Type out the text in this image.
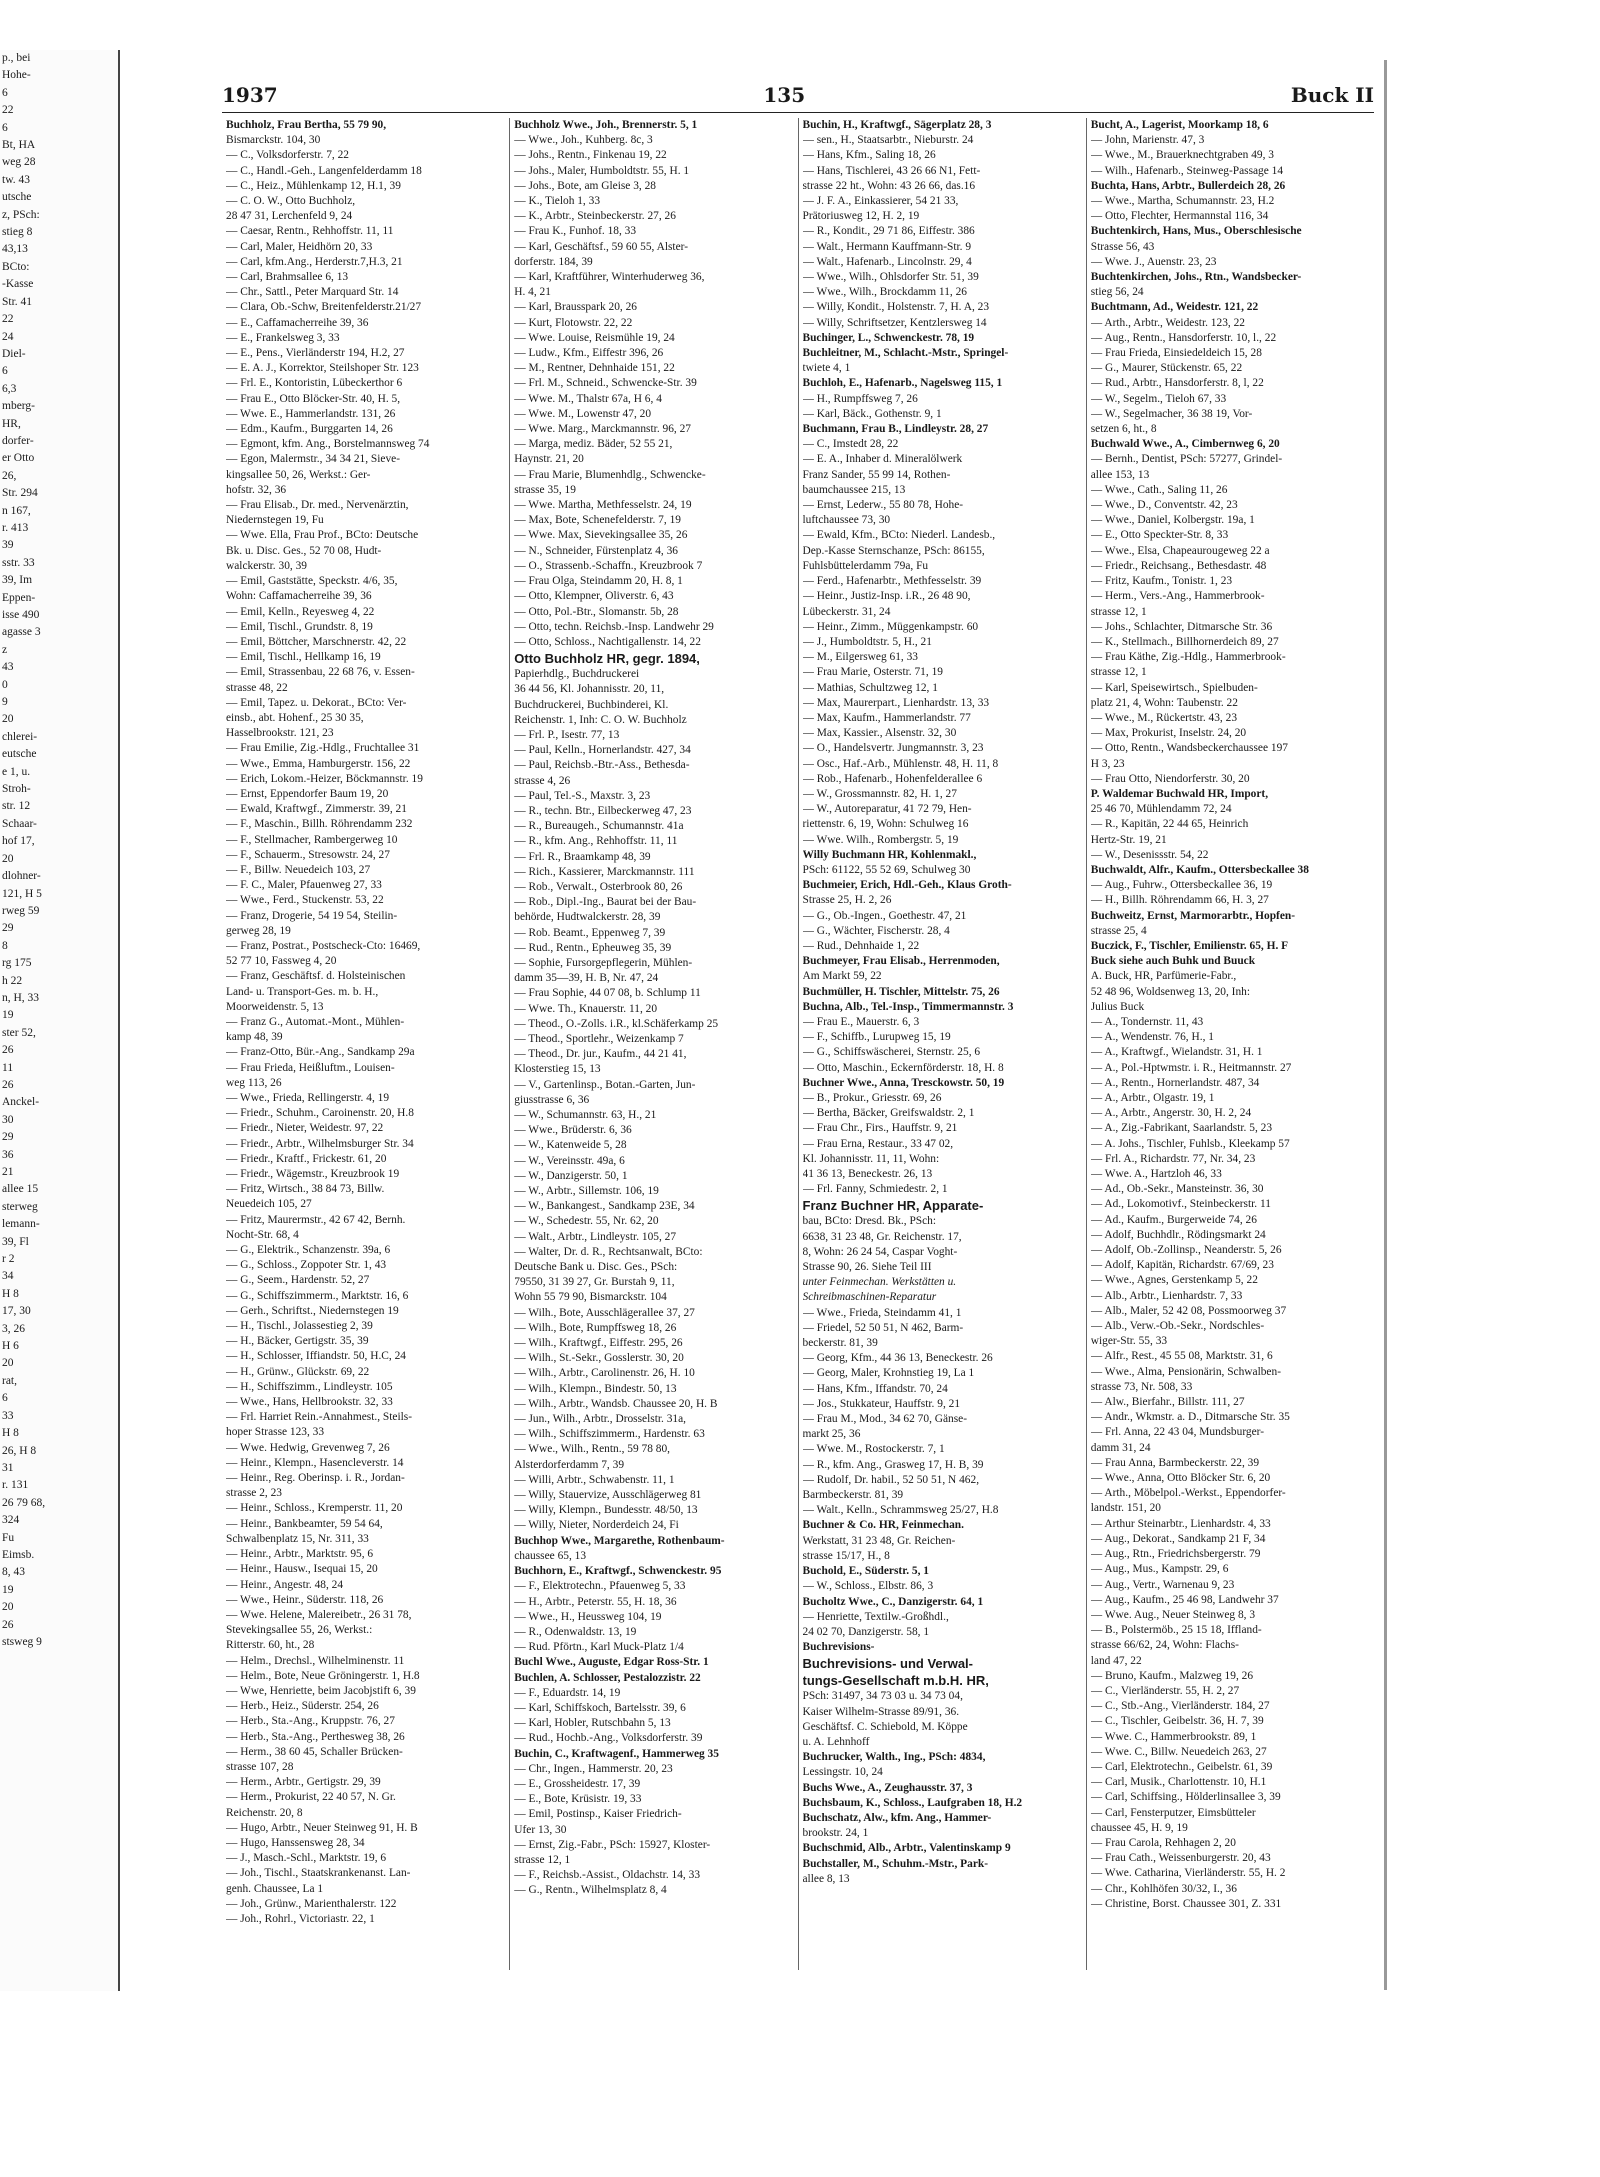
p., bei
Hohe-
6
22
6
Bt, HA
weg 28
tw. 43
utsche
z, PSch:
stieg 8
43,13
BCto:
-Kasse
Str. 41
22
24
Diel-
6
6,3
mberg-
HR,
dorfer-
er Otto
26,
Str. 294
n 167,
r. 413
39
sstr. 33
39, Im
Eppen-
isse 490
agasse 3
z
43
0
9
20
chlerei-
eutsche
e 1, u.
Stroh-
str. 12
Schaar-
hof 17,
20
dlohner-
121, H 5
rweg 59
29
8
rg 175
h 22
n, H, 33
19
ster 52,
26
11
26
Anckel-
30
29
36
21
allee 15
sterweg
lemann-
39, Fl
r 2
34
H 8
17, 30
3, 26
H 6
20
rat,
6
33
H 8
26, H 8
31
r. 131
26 79 68,
324
Fu
Eimsb.
8, 43
19
20
26
stsweg 9
1937	135	Buck II

Buchholz, Frau Bertha, 55 79 90,

Bismarckstr. 104, 30

— C., Volksdorferstr. 7, 22

— C., Handl.-Geh., Langenfelderdamm 18

— C., Heiz., Mühlenkamp 12, H.1, 39

— C. O. W., Otto Buchholz,

28 47 31, Lerchenfeld 9, 24

— Caesar, Rentn., Rehhoffstr. 11, 11

— Carl, Maler, Heidhörn 20, 33

— Carl, kfm.Ang., Herderstr.7,H.3, 21

— Carl, Brahmsallee 6, 13

— Chr., Sattl., Peter Marquard Str. 14

— Clara, Ob.-Schw, Breitenfelderstr.21/27

— E., Caffamacherreihe 39, 36

— E., Frankelsweg 3, 33

— E., Pens., Vierländerstr 194, H.2, 27

— E. A. J., Korrektor, Steilshoper Str. 123

— Frl. E., Kontoristin, Lübeckerthor 6

— Frau E., Otto Blöcker-Str. 40, H. 5,

— Wwe. E., Hammerlandstr. 131, 26

— Edm., Kaufm., Burggarten 14, 26

— Egmont, kfm. Ang., Borstelmannsweg 74

— Egon, Malermstr., 34 34 21, Sieve-

kingsallee 50, 26, Werkst.: Ger-

hofstr. 32, 36

— Frau Elisab., Dr. med., Nervenärztin,

Niedernstegen 19, Fu

— Wwe. Ella, Frau Prof., BCto: Deutsche

Bk. u. Disc. Ges., 52 70 08, Hudt-

walckerstr. 30, 39

— Emil, Gaststätte, Speckstr. 4/6, 35,

Wohn: Caffamacherreihe 39, 36

— Emil, Kelln., Reyesweg 4, 22

— Emil, Tischl., Grundstr. 8, 19

— Emil, Böttcher, Marschnerstr. 42, 22

— Emil, Tischl., Hellkamp 16, 19

— Emil, Strassenbau, 22 68 76, v. Essen-

strasse 48, 22

— Emil, Tapez. u. Dekorat., BCto: Ver-

einsb., abt. Hohenf., 25 30 35,

Hasselbrookstr. 121, 23

— Frau Emilie, Zig.-Hdlg., Fruchtallee 31

— Wwe., Emma, Hamburgerstr. 156, 22

— Erich, Lokom.-Heizer, Böckmannstr. 19

— Ernst, Eppendorfer Baum 19, 20

— Ewald, Kraftwgf., Zimmerstr. 39, 21

— F., Maschin., Billh. Röhrendamm 232

— F., Stellmacher, Rambergerweg 10

— F., Schauerm., Stresowstr. 24, 27

— F., Billw. Neuedeich 103, 27

— F. C., Maler, Pfauenweg 27, 33

— Wwe., Ferd., Stuckenstr. 53, 22

— Franz, Drogerie, 54 19 54, Steilin-

gerweg 28, 19

— Franz, Postrat., Postscheck-Cto: 16469,

52 77 10, Fassweg 4, 20

— Franz, Geschäftsf. d. Holsteinischen

Land- u. Transport-Ges. m. b. H.,

Moorweidenstr. 5, 13

— Franz G., Automat.-Mont., Mühlen-

kamp 48, 39

— Franz-Otto, Bür.-Ang., Sandkamp 29a

— Frau Frieda, Heißluftm., Louisen-

weg 113, 26

— Wwe., Frieda, Rellingerstr. 4, 19

— Friedr., Schuhm., Caroinenstr. 20, H.8

— Friedr., Nieter, Weidestr. 97, 22

— Friedr., Arbtr., Wilhelmsburger Str. 34

— Friedr., Kraftf., Frickestr. 61, 20

— Friedr., Wägemstr., Kreuzbrook 19

— Fritz, Wirtsch., 38 84 73, Billw.

Neuedeich 105, 27

— Fritz, Maurermstr., 42 67 42, Bernh.

Nocht-Str. 68, 4

— G., Elektrik., Schanzenstr. 39a, 6

— G., Schloss., Zoppoter Str. 1, 43

— G., Seem., Hardenstr. 52, 27

— G., Schiffszimmerm., Marktstr. 16, 6

— Gerh., Schriftst., Niedernstegen 19

— H., Tischl., Jolassestieg 2, 39

— H., Bäcker, Gertigstr. 35, 39

— H., Schlosser, Iffiandstr. 50, H.C, 24

— H., Grünw., Glückstr. 69, 22

— H., Schiffszimm., Lindleystr. 105

— Wwe., Hans, Hellbrookstr. 32, 33

— Frl. Harriet Rein.-Annahmest., Steils-

hoper Strasse 123, 33

— Wwe. Hedwig, Grevenweg 7, 26

— Heinr., Klempn., Hasencleverstr. 14

— Heinr., Reg. Oberinsp. i. R., Jordan-

strasse 2, 23

— Heinr., Schloss., Kremperstr. 11, 20

— Heinr., Bankbeamter, 59 54 64,

Schwalbenplatz 15, Nr. 311, 33

— Heinr., Arbtr., Marktstr. 95, 6

— Heinr., Hausw., Isequai 15, 20

— Heinr., Angestr. 48, 24

— Wwe., Heinr., Süderstr. 118, 26

— Wwe. Helene, Malereibetr., 26 31 78,

Stevekingsallee 55, 26, Werkst.:

Ritterstr. 60, ht., 28

— Helm., Drechsl., Wilhelminenstr. 11

— Helm., Bote, Neue Gröningerstr. 1, H.8

— Wwe, Henriette, beim Jacobjstift 6, 39

— Herb., Heiz., Süderstr. 254, 26

— Herb., Sta.-Ang., Kruppstr. 76, 27

— Herb., Sta.-Ang., Perthesweg 38, 26

— Herm., 38 60 45, Schaller Brücken-

strasse 107, 28

— Herm., Arbtr., Gertigstr. 29, 39

— Herm., Prokurist, 22 40 57, N. Gr.

Reichenstr. 20, 8

— Hugo, Arbtr., Neuer Steinweg 91, H. B

— Hugo, Hanssensweg 28, 34

— J., Masch.-Schl., Marktstr. 19, 6

— Joh., Tischl., Staatskrankenanst. Lan-

genh. Chaussee, La 1

— Joh., Grünw., Marienthalerstr. 122

— Joh., Rohrl., Victoriastr. 22, 1

Buchholz Wwe., Joh., Brennerstr. 5, 1

— Wwe., Joh., Kuhberg. 8c, 3

— Johs., Rentn., Finkenau 19, 22

— Johs., Maler, Humboldtstr. 55, H. 1

— Johs., Bote, am Gleise 3, 28

— K., Tieloh 1, 33

— K., Arbtr., Steinbeckerstr. 27, 26

— Frau K., Funhof. 18, 33

— Karl, Geschäftsf., 59 60 55, Alster-

dorferstr. 184, 39

— Karl, Kraftführer, Winterhuderweg 36,

H. 4, 21

— Karl, Brausspark 20, 26

— Kurt, Flotowstr. 22, 22

— Wwe. Louise, Reismühle 19, 24

— Ludw., Kfm., Eiffestr 396, 26

— M., Rentner, Dehnhaide 151, 22

— Frl. M., Schneid., Schwencke-Str. 39

— Wwe. M., Thalstr 67a, H 6, 4

— Wwe. M., Lowenstr 47, 20

— Wwe. Marg., Marckmannstr. 96, 27

— Marga, mediz. Bäder, 52 55 21,

Haynstr. 21, 20

— Frau Marie, Blumenhdlg., Schwencke-

strasse 35, 19

— Wwe. Martha, Methfesselstr. 24, 19

— Max, Bote, Schenefelderstr. 7, 19

— Wwe. Max, Sievekingsallee 35, 26

— N., Schneider, Fürstenplatz 4, 36

— O., Strassenb.-Schaffn., Kreuzbrook 7

— Frau Olga, Steindamm 20, H. 8, 1

— Otto, Klempner, Oliverstr. 6, 43

— Otto, Pol.-Btr., Slomanstr. 5b, 28

— Otto, techn. Reichsb.-Insp. Landwehr 29

— Otto, Schloss., Nachtigallenstr. 14, 22

Otto Buchholz HR, gegr. 1894,

Papierhdlg., Buchdruckerei

36 44 56, Kl. Johannisstr. 20, 11,

Buchdruckerei, Buchbinderei, Kl.

Reichenstr. 1, Inh: C. O. W. Buchholz

— Frl. P., Isestr. 77, 13

— Paul, Kelln., Hornerlandstr. 427, 34

— Paul, Reichsb.-Btr.-Ass., Bethesda-

strasse 4, 26

— Paul, Tel.-S., Maxstr. 3, 23

— R., techn. Btr., Eilbeckerweg 47, 23

— R., Bureaugeh., Schumannstr. 41a

— R., kfm. Ang., Rehhoffstr. 11, 11

— Frl. R., Braamkamp 48, 39

— Rich., Kassierer, Marckmannstr. 111

— Rob., Verwalt., Osterbrook 80, 26

— Rob., Dipl.-Ing., Baurat bei der Bau-

behörde, Hudtwalckerstr. 28, 39

— Rob. Beamt., Eppenweg 7, 39

— Rud., Rentn., Epheuweg 35, 39

— Sophie, Fursorgepflegerin, Mühlen-

damm 35—39, H. B, Nr. 47, 24

— Frau Sophie, 44 07 08, b. Schlump 11

— Wwe. Th., Knauerstr. 11, 20

— Theod., O.-Zolls. i.R., kl.Schäferkamp 25

— Theod., Sportlehr., Weizenkamp 7

— Theod., Dr. jur., Kaufm., 44 21 41,

Klosterstieg 15, 13

— V., Gartenlinsp., Botan.-Garten, Jun-

giusstrasse 6, 36

— W., Schumannstr. 63, H., 21

— Wwe., Brüderstr. 6, 36

— W., Katenweide 5, 28

— W., Vereinsstr. 49a, 6

— W., Danzigerstr. 50, 1

— W., Arbtr., Sillemstr. 106, 19

— W., Bankangest., Sandkamp 23E, 34

— W., Schedestr. 55, Nr. 62, 20

— Walt., Arbtr., Lindleystr. 105, 27

— Walter, Dr. d. R., Rechtsanwalt, BCto:

Deutsche Bank u. Disc. Ges., PSch:

79550, 31 39 27, Gr. Burstah 9, 11,

Wohn 55 79 90, Bismarckstr. 104

— Wilh., Bote, Ausschlägerallee 37, 27

— Wilh., Bote, Rumpffsweg 18, 26

— Wilh., Kraftwgf., Eiffestr. 295, 26

— Wilh., St.-Sekr., Gosslerstr. 30, 20

— Wilh., Arbtr., Carolinenstr. 26, H. 10

— Wilh., Klempn., Bindestr. 50, 13

— Wilh., Arbtr., Wandsb. Chaussee 20, H. B

— Jun., Wilh., Arbtr., Drosselstr. 31a,

— Wilh., Schiffszimmerm., Hardenstr. 63

— Wwe., Wilh., Rentn., 59 78 80,

Alsterdorferdamm 7, 39

— Willi, Arbtr., Schwabenstr. 11, 1

— Willy, Stauervize, Ausschlägerweg 81

— Willy, Klempn., Bundesstr. 48/50, 13

— Willy, Nieter, Norderdeich 24, Fi

Buchhop Wwe., Margarethe, Rothenbaum-

chaussee 65, 13

Buchhorn, E., Kraftwgf., Schwenckestr. 95

— F., Elektrotechn., Pfauenweg 5, 33

— H., Arbtr., Peterstr. 55, H. 18, 36

— Wwe., H., Heussweg 104, 19

— R., Odenwaldstr. 13, 19

— Rud. Pförtn., Karl Muck-Platz 1/4

Buchl Wwe., Auguste, Edgar Ross-Str. 1

Buchlen, A. Schlosser, Pestalozzistr. 22

— F., Eduardstr. 14, 19

— Karl, Schiffskoch, Bartelsstr. 39, 6

— Karl, Hobler, Rutschbahn 5, 13

— Rud., Hochb.-Ang., Volksdorferstr. 39

Buchin, C., Kraftwagenf., Hammerweg 35

— Chr., Ingen., Hammerstr. 20, 23

— E., Grossheidestr. 17, 39

— E., Bote, Krüsistr. 19, 33

— Emil, Postinsp., Kaiser Friedrich-

Ufer 13, 30

— Ernst, Zig.-Fabr., PSch: 15927, Kloster-

strasse 12, 1

— F., Reichsb.-Assist., Oldachstr. 14, 33

— G., Rentn., Wilhelmsplatz 8, 4

Buchin, H., Kraftwgf., Sägerplatz 28, 3

— sen., H., Staatsarbtr., Nieburstr. 24

— Hans, Kfm., Saling 18, 26

— Hans, Tischlerei, 43 26 66 N1, Fett-

strasse 22 ht., Wohn: 43 26 66, das.16

— J. F. A., Einkassierer, 54 21 33,

Prätoriusweg 12, H. 2, 19

— R., Kondit., 29 71 86, Eiffestr. 386

— Walt., Hermann Kauffmann-Str. 9

— Walt., Hafenarb., Lincolnstr. 29, 4

— Wwe., Wilh., Ohlsdorfer Str. 51, 39

— Wwe., Wilh., Brockdamm 11, 26

— Willy, Kondit., Holstenstr. 7, H. A, 23

— Willy, Schriftsetzer, Kentzlersweg 14

Buchinger, L., Schwenckestr. 78, 19

Buchleitner, M., Schlacht.-Mstr., Springel-

twiete 4, 1

Buchloh, E., Hafenarb., Nagelsweg 115, 1

— H., Rumpffsweg 7, 26

— Karl, Bäck., Gothenstr. 9, 1

Buchmann, Frau B., Lindleystr. 28, 27

— C., Imstedt 28, 22

— E. A., Inhaber d. Mineralölwerk

Franz Sander, 55 99 14, Rothen-

baumchaussee 215, 13

— Ernst, Lederw., 55 80 78, Hohe-

luftchaussee 73, 30

— Ewald, Kfm., BCto: Niederl. Landesb.,

Dep.-Kasse Sternschanze, PSch: 86155,

Fuhlsbüttelerdamm 79a, Fu

— Ferd., Hafenarbtr., Methfesselstr. 39

— Heinr., Justiz-Insp. i.R., 26 48 90,

Lübeckerstr. 31, 24

— Heinr., Zimm., Müggenkampstr. 60

— J., Humboldtstr. 5, H., 21

— M., Eilgersweg 61, 33

— Frau Marie, Osterstr. 71, 19

— Mathias, Schultzweg 12, 1

— Max, Maurerpart., Lienhardstr. 13, 33

— Max, Kaufm., Hammerlandstr. 77

— Max, Kassier., Alsenstr. 32, 30

— O., Handelsvertr. Jungmannstr. 3, 23

— Osc., Haf.-Arb., Mühlenstr. 48, H. 11, 8

— Rob., Hafenarb., Hohenfelderallee 6

— W., Grossmannstr. 82, H. 1, 27

— W., Autoreparatur, 41 72 79, Hen-

riettenstr. 6, 19, Wohn: Schulweg 16

— Wwe. Wilh., Rombergstr. 5, 19

Willy Buchmann HR, Kohlenmakl.,

PSch: 61122, 55 52 69, Schulweg 30

Buchmeier, Erich, Hdl.-Geh., Klaus Groth-

Strasse 25, H. 2, 26

— G., Ob.-Ingen., Goethestr. 47, 21

— G., Wächter, Fischerstr. 28, 4

— Rud., Dehnhaide 1, 22

Buchmeyer, Frau Elisab., Herrenmoden,

Am Markt 59, 22

Buchmüller, H. Tischler, Mittelstr. 75, 26

Buchna, Alb., Tel.-Insp., Timmermannstr. 3

— Frau E., Mauerstr. 6, 3

— F., Schiffb., Lurupweg 15, 19

— G., Schiffswäscherei, Sternstr. 25, 6

— Otto, Maschin., Eckernförderstr. 18, H. 8

Buchner Wwe., Anna, Tresckowstr. 50, 19

— B., Prokur., Griesstr. 69, 26

— Bertha, Bäcker, Greifswaldstr. 2, 1

— Frau Chr., Firs., Hauffstr. 9, 21

— Frau Erna, Restaur., 33 47 02,

Kl. Johannisstr. 11, 11, Wohn:

41 36 13, Beneckestr. 26, 13

— Frl. Fanny, Schmiedestr. 2, 1

Franz Buchner HR, Apparate-

bau, BCto: Dresd. Bk., PSch:

6638, 31 23 48, Gr. Reichenstr. 17,

8, Wohn: 26 24 54, Caspar Voght-

Strasse 90, 26. Siehe Teil III

unter Feinmechan. Werkstätten u.

Schreibmaschinen-Reparatur

— Wwe., Frieda, Steindamm 41, 1

— Friedel, 52 50 51, N 462, Barm-

beckerstr. 81, 39

— Georg, Kfm., 44 36 13, Beneckestr. 26

— Georg, Maler, Krohnstieg 19, La 1

— Hans, Kfm., Iffandstr. 70, 24

— Jos., Stukkateur, Hauffstr. 9, 21

— Frau M., Mod., 34 62 70, Gänse-

markt 25, 36

— Wwe. M., Rostockerstr. 7, 1

— R., kfm. Ang., Grasweg 17, H. B, 39

— Rudolf, Dr. habil., 52 50 51, N 462,

Barmbeckerstr. 81, 39

— Walt., Kelln., Schrammsweg 25/27, H.8

Buchner & Co. HR, Feinmechan.

Werkstatt, 31 23 48, Gr. Reichen-

strasse 15/17, H., 8

Buchold, E., Süderstr. 5, 1

— W., Schloss., Elbstr. 86, 3

Bucholtz Wwe., C., Danzigerstr. 64, 1

— Henriette, Textilw.-Großhdl.,

24 02 70, Danzigerstr. 58, 1

Buchrevisions-

Buchrevisions- und Verwal-

tungs-Gesellschaft m.b.H. HR,

PSch: 31497, 34 73 03 u. 34 73 04,

Kaiser Wilhelm-Strasse 89/91, 36.

Geschäftsf. C. Schiebold, M. Köppe

u. A. Lehnhoff

Buchrucker, Walth., Ing., PSch: 4834,

Lessingstr. 10, 24

Buchs Wwe., A., Zeughausstr. 37, 3

Buchsbaum, K., Schloss., Laufgraben 18, H.2

Buchschatz, Alw., kfm. Ang., Hammer-

brookstr. 24, 1

Buchschmid, Alb., Arbtr., Valentinskamp 9

Buchstaller, M., Schuhm.-Mstr., Park-

allee 8, 13

Bucht, A., Lagerist, Moorkamp 18, 6

— John, Marienstr. 47, 3

— Wwe., M., Brauerknechtgraben 49, 3

— Wilh., Hafenarb., Steinweg-Passage 14

Buchta, Hans, Arbtr., Bullerdeich 28, 26

— Wwe., Martha, Schumannstr. 23, H.2

— Otto, Flechter, Hermannstal 116, 34

Buchtenkirch, Hans, Mus., Oberschlesische

Strasse 56, 43

— Wwe. J., Auenstr. 23, 23

Buchtenkirchen, Johs., Rtn., Wandsbecker-

stieg 56, 24

Buchtmann, Ad., Weidestr. 121, 22

— Arth., Arbtr., Weidestr. 123, 22

— Aug., Rentn., Hansdorferstr. 10, l., 22

— Frau Frieda, Einsiedeldeich 15, 28

— G., Maurer, Stückenstr. 65, 22

— Rud., Arbtr., Hansdorferstr. 8, l, 22

— W., Segelm., Tieloh 67, 33

— W., Segelmacher, 36 38 19, Vor-

setzen 6, ht., 8

Buchwald Wwe., A., Cimbernweg 6, 20

— Bernh., Dentist, PSch: 57277, Grindel-

allee 153, 13

— Wwe., Cath., Saling 11, 26

— Wwe., D., Conventstr. 42, 23

— Wwe., Daniel, Kolbergstr. 19a, 1

— E., Otto Speckter-Str. 8, 33

— Wwe., Elsa, Chapeaurougeweg 22 a

— Friedr., Reichsang., Bethesdastr. 48

— Fritz, Kaufm., Tonistr. 1, 23

— Herm., Vers.-Ang., Hammerbrook-

strasse 12, 1

— Johs., Schlachter, Ditmarsche Str. 36

— K., Stellmach., Billhornerdeich 89, 27

— Frau Käthe, Zig.-Hdlg., Hammerbrook-

strasse 12, 1

— Karl, Speisewirtsch., Spielbuden-

platz 21, 4, Wohn: Taubenstr. 22

— Wwe., M., Rückertstr. 43, 23

— Max, Prokurist, Inselstr. 24, 20

— Otto, Rentn., Wandsbeckerchaussee 197

H 3, 23

— Frau Otto, Niendorferstr. 30, 20

P. Waldemar Buchwald HR, Import,

25 46 70, Mühlendamm 72, 24

— R., Kapitän, 22 44 65, Heinrich

Hertz-Str. 19, 21

— W., Desenissstr. 54, 22

Buchwaldt, Alfr., Kaufm., Ottersbeckallee 38

— Aug., Fuhrw., Ottersbeckallee 36, 19

— H., Billh. Röhrendamm 66, H. 3, 27

Buchweitz, Ernst, Marmorarbtr., Hopfen-

strasse 25, 4

Buczick, F., Tischler, Emilienstr. 65, H. F

Buck siehe auch Buhk und Buuck

A. Buck, HR, Parfümerie-Fabr.,

52 48 96, Woldsenweg 13, 20, Inh:

Julius Buck

— A., Tondernstr. 11, 43

— A., Wendenstr. 76, H., 1

— A., Kraftwgf., Wielandstr. 31, H. 1

— A., Pol.-Hptwmstr. i. R., Heitmannstr. 27

— A., Rentn., Hornerlandstr. 487, 34

— A., Arbtr., Olgastr. 19, 1

— A., Arbtr., Angerstr. 30, H. 2, 24

— A., Zig.-Fabrikant, Saarlandstr. 5, 23

— A. Johs., Tischler, Fuhlsb., Kleekamp 57

— Frl. A., Richardstr. 77, Nr. 34, 23

— Wwe. A., Hartzloh 46, 33

— Ad., Ob.-Sekr., Mansteinstr. 36, 30

— Ad., Lokomotivf., Steinbeckerstr. 11

— Ad., Kaufm., Burgerweide 74, 26

— Adolf, Buchhdlr., Rödingsmarkt 24

— Adolf, Ob.-Zollinsp., Neanderstr. 5, 26

— Adolf, Kapitän, Richardstr. 67/69, 23

— Wwe., Agnes, Gerstenkamp 5, 22

— Alb., Arbtr., Lienhardstr. 7, 33

— Alb., Maler, 52 42 08, Possmoorweg 37

— Alb., Verw.-Ob.-Sekr., Nordschles-

wiger-Str. 55, 33

— Alfr., Rest., 45 55 08, Marktstr. 31, 6

— Wwe., Alma, Pensionärin, Schwalben-

strasse 73, Nr. 508, 33

— Alw., Bierfahr., Billstr. 111, 27

— Andr., Wkmstr. a. D., Ditmarsche Str. 35

— Frl. Anna, 22 43 04, Mundsburger-

damm 31, 24

— Frau Anna, Barmbeckerstr. 22, 39

— Wwe., Anna, Otto Blöcker Str. 6, 20

— Arth., Möbelpol.-Werkst., Eppendorfer-

landstr. 151, 20

— Arthur Steinarbtr., Lienhardstr. 4, 33

— Aug., Dekorat., Sandkamp 21 F, 34

— Aug., Rtn., Friedrichsbergerstr. 79

— Aug., Mus., Kampstr. 29, 6

— Aug., Vertr., Warnenau 9, 23

— Aug., Kaufm., 25 46 98, Landwehr 37

— Wwe. Aug., Neuer Steinweg 8, 3

— B., Polstermöb., 25 15 18, Iffland-

strasse 66/62, 24, Wohn: Flachs-

land 47, 22

— Bruno, Kaufm., Malzweg 19, 26

— C., Vierländerstr. 55, H. 2, 27

— C., Stb.-Ang., Vierländerstr. 184, 27

— C., Tischler, Geibelstr. 36, H. 7, 39

— Wwe. C., Hammerbrookstr. 89, 1

— Wwe. C., Billw. Neuedeich 263, 27

— Carl, Elektrotechn., Geibelstr. 61, 39

— Carl, Musik., Charlottenstr. 10, H.1

— Carl, Schiffsing., Hölderlinsallee 3, 39

— Carl, Fensterputzer, Eimsbütteler

chaussee 45, H. 9, 19

— Frau Carola, Rehhagen 2, 20

— Frau Cath., Weissenburgerstr. 20, 43

— Wwe. Catharina, Vierländerstr. 55, H. 2

— Chr., Kohlhöfen 30/32, I., 36

— Christine, Borst. Chaussee 301, Z. 331
